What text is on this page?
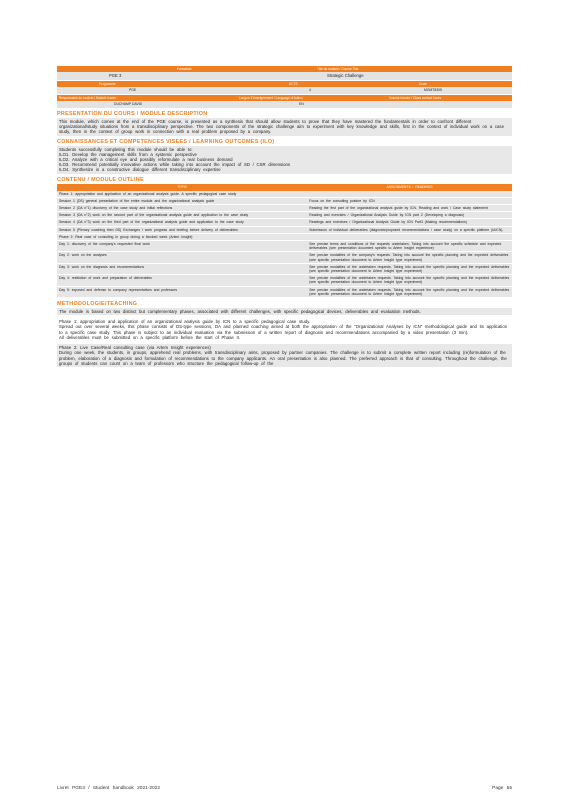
Formation	Title du module / Course Title
PGE 3	Strategic Challenge
Programme	ECTS	Code
PGE	4	MGMT8305
Responsable du module / Module leader	Langue d'enseignement / Language of tuition	Volume horaire / Class contact hours
DUCHAMP DAVID	EN
PRESENTATION DU COURS / MODULE DESCRIPTION

This module, which comes at the end of the PGE course, is presented as a synthesis that should allow students to prove that they have mastered the fundamentals in order to confront different organizational/study situations from a transdisciplinary perspective. The two components of the strategic challenge aim to experiment with key knowledge and skills, first in the context of individual work on a case study, then in the context of group work in connection with a real problem proposed by a company.

CONNAISSANCES ET COMPETENCES VISEES / LEARNING OUTCOMES (ILO)

Students successfully completing this module should be able to:

ILO1. Develop the management skills from a systemic perspective

ILO2. Analyze with a critical eye and possibly reformulate a real business demand

ILO3. Recommend potentially innovative actions while taking into account the impact of SD / CSR dimensions

ILO4. Synthesize in a constructive dialogue different transdisciplinary expertise

CONTENU / MODULE OUTLINE
TOPIC	ASSIGNMENTS / READINGS
Phase 1: appropriation and application of an organizational analysis guide. A specific pedagogical case study	
Session 1 (DS) general presentation of the entire module and the organizational analysis guide	Focus on the consulting posture by ICN
Session 2 (DA n°1) discovery of the case study and initial reflections	Reading the first part of the organizational analysis guide by ICN. Reading and work / Case study statement
Session 3 (DA n°2) work on the second part of the organizational analysis guide and application to the case study	Reading and exercises / Organizational Analysis Guide by ICN part 2 (Developing a diagnosis)
Session 4 (DA n°3) work on the third part of the organizational analysis guide and application to the case study	Readings and exercises / Organizational Analysis Guide by ICN Part3 (Making recommendations)
Session 5 (Plenary coaching then DS) Exchanges / work progress and briefing before delivery of deliverables	Submission of individual deliverables (diagnosis/proposed recommendations / case study) on a specific platform (IAICN).
Phase 2: Real case of consulting in group during a blocked week (Artem Insight)	
Day 1: discovery of the company's requested final work	See precise terms and conditions of the requests undertaken. Taking into account the specific schedule and expected deliverables (see presentation document specific to Artem Insight experience)
Day 2: work on the analyses	See precise modalities of the company's requests. Taking into account the specific planning and the expected deliverables (see specific presentation document to Artem Insight type experiment)
Day 3: work on the diagnosis and recommendations	See precise modalities of the undertaken requests. Taking into account the specific planning and the expected deliverables (see specific presentation document to Artem Insight type experiment)
Day 4: restitution of work and preparation of deliverables	See precise modalities of the undertaken requests. Taking into account the specific planning and the expected deliverables (see specific presentation document to Artem Insight type experiment)
Day 5: exposed and defense to company representatives and professors	See precise modalities of the undertaken requests. Taking into account the specific planning and the expected deliverables (see specific presentation document to Artem Insight type experiment)
METHODOLOGIE/TEACHING

The module is based on two distinct but complementary phases, associated with different challenges, with specific pedagogical devices, deliverables and evaluation methods.

Phase 1: appropriation and application of an organizational analysis guide by ICN to a specific pedagogical case study.

Spread out over several weeks, this phase consists of DS-type sessions, DA and planned coaching aimed at both the appropriation of the "Organizational Analyses by ICN" methodological guide and its application to a specific case study. This phase is subject to an individual evaluation via the submission of a written report of diagnosis and recommendations accompanied by a video presentation (3 min).

All deliverables must be submitted on a specific platform before the start of Phase II.

Phase 2: Live Case/Real consulting case (via Artem Insight experiences)

During one week, the students, in groups, apprehend real problems, with transdisciplinary aims, proposed by partner companies. The challenge is to submit a complete written report including (re)formulation of the problem, elaboration of a diagnosis and formulation of recommendations to the company applicants. An oral presentation is also planned. The preferred approach is that of consulting. Throughout the challenge, the groups of students can count on a team of professors who structure the pedagogical follow-up of the

Livret PGE3 / Student handbook 2021-2022	Page 55
